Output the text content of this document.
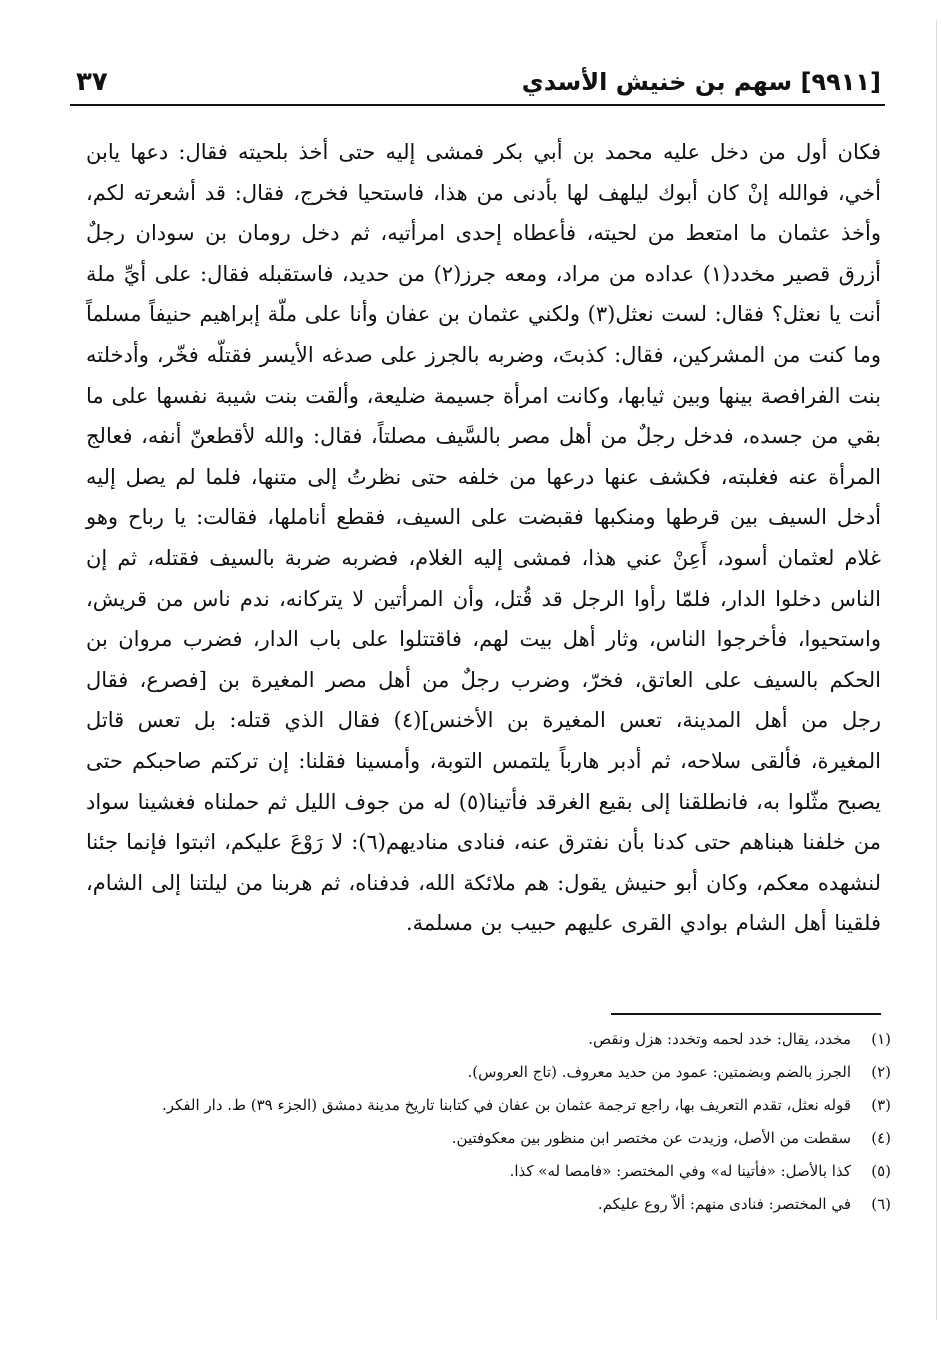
[٩٩١١] سهم بن خنيش الأسدي
٣٧

فكان أول من دخل عليه محمد بن أبي بكر فمشى إليه حتى أخذ بلحيته فقال: دعها يابن أخي، فوالله إنْ كان أبوك ليلهف لها بأدنى من هذا، فاستحيا فخرج، فقال: قد أشعرته لكم، وأخذ عثمان ما امتعط من لحيته، فأعطاه إحدى امرأتيه، ثم دخل رومان بن سودان رجلٌ أزرق قصير مخدد(١) عداده من مراد، ومعه جرز(٢) من حديد، فاستقبله فقال: على أيِّ ملة أنت يا نعثل؟ فقال: لست نعثل(٣) ولكني عثمان بن عفان وأنا على ملّة إبراهيم حنيفاً مسلماً وما كنت من المشركين، فقال: كذبتَ، وضربه بالجرز على صدغه الأيسر فقتلّه فخّر، وأدخلته بنت الفرافصة بينها وبين ثيابها، وكانت امرأة جسيمة ضليعة، وألقت بنت شيبة نفسها على ما بقي من جسده، فدخل رجلٌ من أهل مصر بالسَّيف مصلتاً، فقال: والله لأقطعنّ أنفه، فعالج المرأة عنه فغلبته، فكشف عنها درعها من خلفه حتى نظرتُ إلى متنها، فلما لم يصل إليه أدخل السيف بين قرطها ومنكبها فقبضت على السيف، فقطع أناملها، فقالت: يا رباح وهو غلام لعثمان أسود، أَعِنْ عني هذا، فمشى إليه الغلام، فضربه ضربة بالسيف فقتله، ثم إن الناس دخلوا الدار، فلمّا رأوا الرجل قد قُتل، وأن المرأتين لا يتركانه، ندم ناس من قريش، واستحيوا، فأخرجوا الناس، وثار أهل بيت لهم، فاقتتلوا على باب الدار، فضرب مروان بن الحكم بالسيف على العاتق، فخرّ، وضرب رجلٌ من أهل مصر المغيرة بن [فصرع، فقال رجل من أهل المدينة، تعس المغيرة بن الأخنس](٤) فقال الذي قتله: بل تعس قاتل المغيرة، فألقى سلاحه، ثم أدبر هارباً يلتمس التوبة، وأمسينا فقلنا: إن تركتم صاحبكم حتى يصبح مثّلوا به، فانطلقنا إلى بقيع الغرقد فأتينا(٥) له من جوف الليل ثم حملناه فغشينا سواد من خلفنا هبناهم حتى كدنا بأن نفترق عنه، فنادى مناديهم(٦): لا رَوْعَ عليكم، اثبتوا فإنما جئنا لنشهده معكم، وكان أبو حنيش يقول: هم ملائكة الله، فدفناه، ثم هربنا من ليلتنا إلى الشام، فلقينا أهل الشام بوادي القرى عليهم حبيب بن مسلمة.

(١)
مخدد، يقال: خدد لحمه وتخدد: هزل ونقص.
(٢)
الجرز بالضم وبضمتين: عمود من حديد معروف. (تاج العروس).
(٣)
قوله نعثل، تقدم التعريف بها، راجع ترجمة عثمان بن عفان في كتابنا تاريخ مدينة دمشق (الجزء ٣٩) ط. دار الفكر.
(٤)
سقطت من الأصل، وزيدت عن مختصر ابن منظور بين معكوفتين.
(٥)
كذا بالأصل: «فأتينا له» وفي المختصر: «فامصا له» كذا.
(٦)
في المختصر: فنادى منهم: ألاّ روع عليكم.
